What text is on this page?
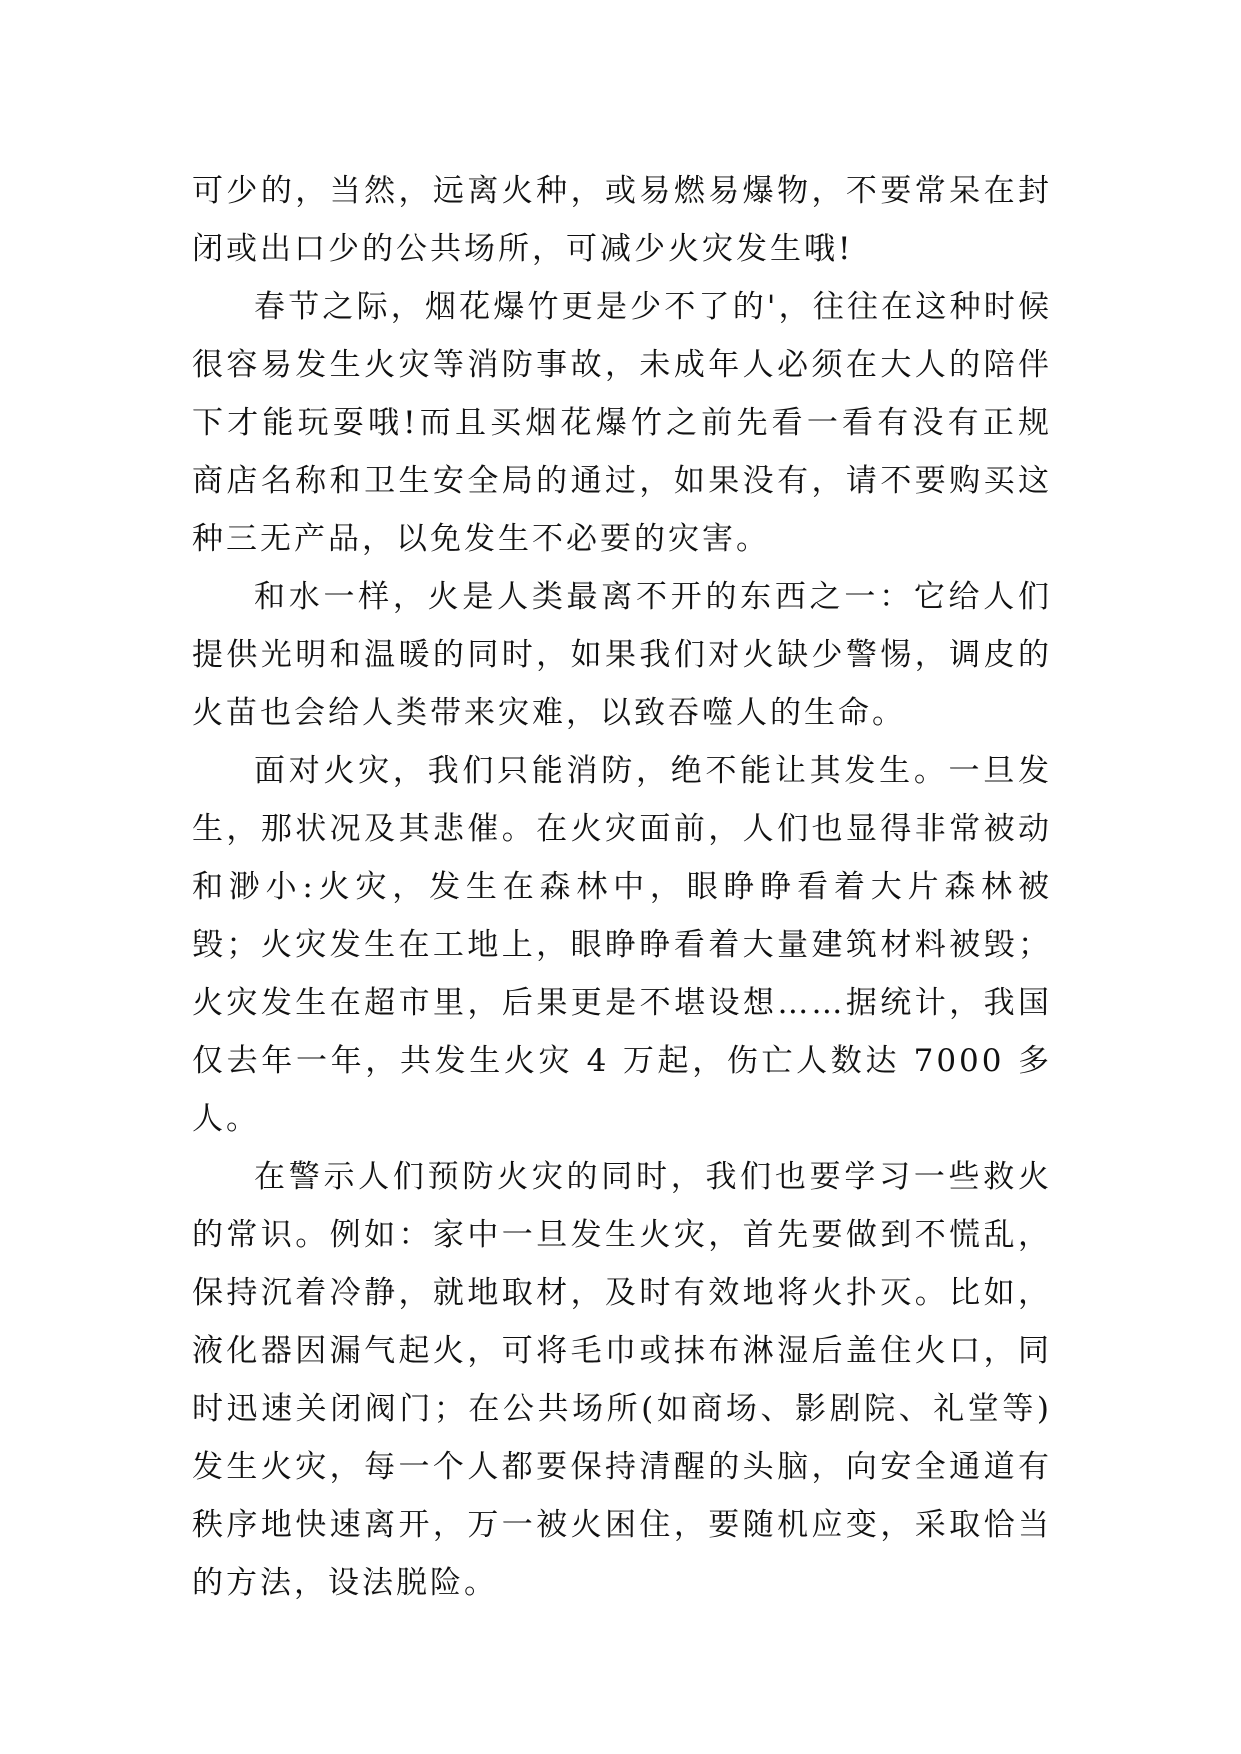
可少的，当然，远离火种，或易燃易爆物，不要常呆在封闭或出口少的公共场所，可减少火灾发生哦!

春节之际，烟花爆竹更是少不了的'，往往在这种时候很容易发生火灾等消防事故，未成年人必须在大人的陪伴下才能玩耍哦!而且买烟花爆竹之前先看一看有没有正规商店名称和卫生安全局的通过，如果没有，请不要购买这种三无产品，以免发生不必要的灾害。

和水一样，火是人类最离不开的东西之一：它给人们提供光明和温暖的同时，如果我们对火缺少警惕，调皮的火苗也会给人类带来灾难，以致吞噬人的生命。

面对火灾，我们只能消防，绝不能让其发生。一旦发生，那状况及其悲催。在火灾面前，人们也显得非常被动和渺小:火灾，发生在森林中，眼睁睁看着大片森林被毁；火灾发生在工地上，眼睁睁看着大量建筑材料被毁；火灾发生在超市里，后果更是不堪设想……据统计，我国仅去年一年，共发生火灾 4 万起，伤亡人数达 7000 多人。

在警示人们预防火灾的同时，我们也要学习一些救火的常识。例如：家中一旦发生火灾，首先要做到不慌乱，保持沉着冷静，就地取材，及时有效地将火扑灭。比如，液化器因漏气起火，可将毛巾或抹布淋湿后盖住火口，同时迅速关闭阀门；在公共场所(如商场、影剧院、礼堂等)发生火灾，每一个人都要保持清醒的头脑，向安全通道有秩序地快速离开，万一被火困住，要随机应变，采取恰当的方法，设法脱险。
